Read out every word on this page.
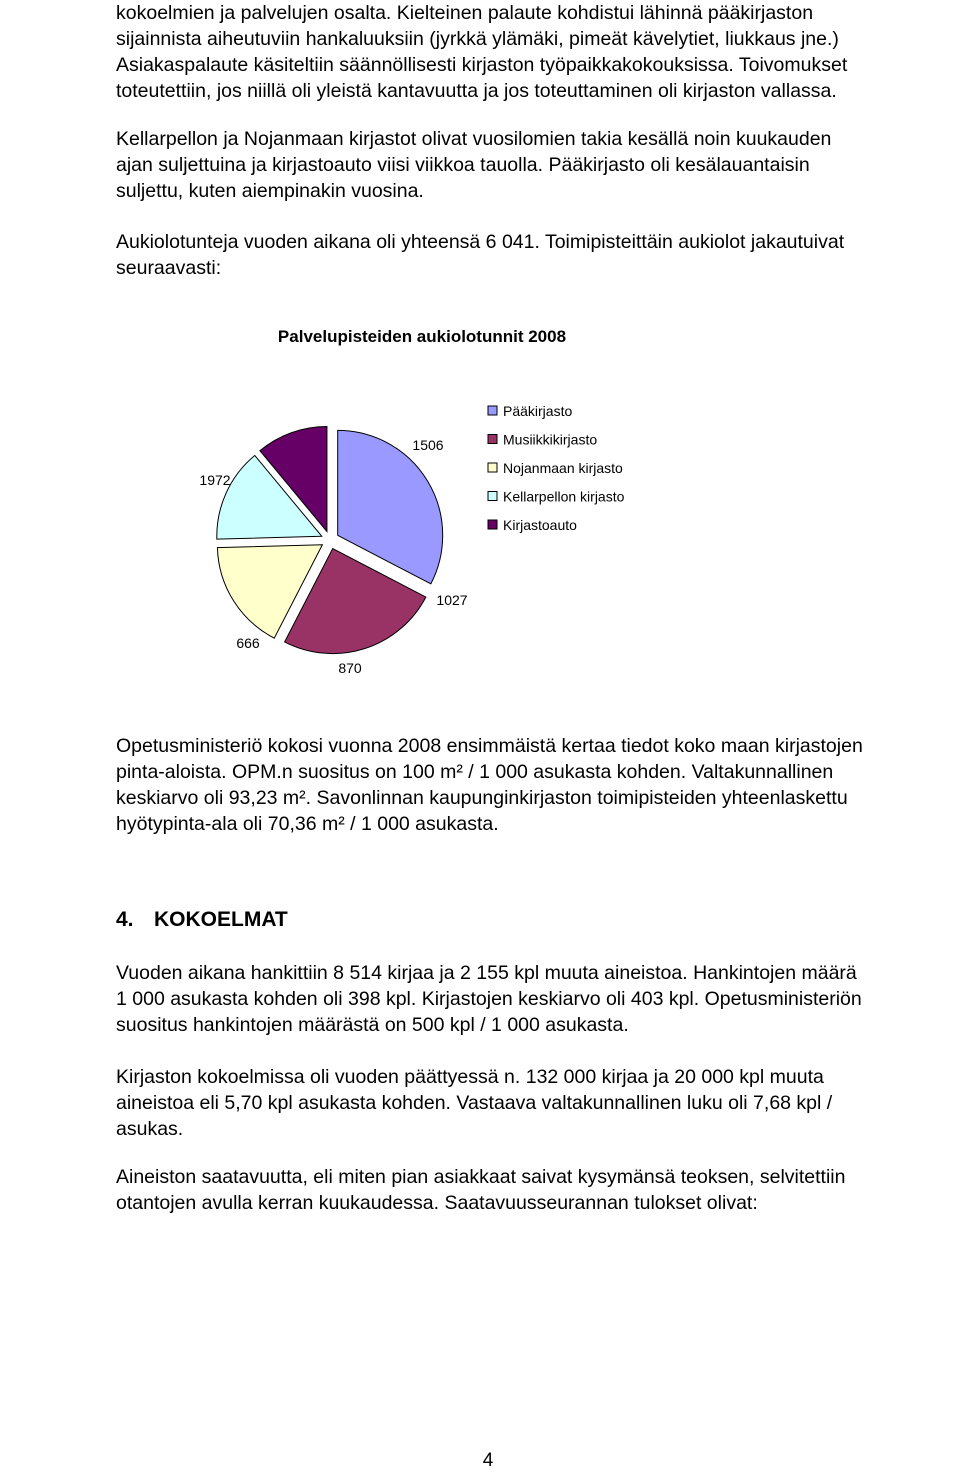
kokoelmien ja palvelujen osalta. Kielteinen palaute kohdistui lähinnä pääkirjaston
sijainnista aiheutuviin hankaluuksiin (jyrkkä ylämäki, pimeät kävelytiet, liukkaus jne.)
Asiakaspalaute käsiteltiin säännöllisesti kirjaston työpaikkakokouksissa. Toivomukset
toteutettiin, jos niillä oli yleistä kantavuutta ja jos toteuttaminen oli kirjaston vallassa.
Kellarpellon ja Nojanmaan kirjastot olivat vuosilomien takia kesällä noin kuukauden
ajan suljettuina ja kirjastoauto viisi viikkoa tauolla. Pääkirjasto oli kesälauantaisin
suljettu, kuten aiempinakin vuosina.
Aukiolotunteja vuoden aikana oli yhteensä 6 041. Toimipisteittäin aukiolot jakautuivat
seuraavasti:
Palvelupisteiden aukiolotunnit 2008
1972
1506
1027
870
666
Pääkirjasto
Musiikkikirjasto
Nojanmaan kirjasto
Kellarpellon kirjasto
Kirjastoauto
Opetusministeriö kokosi vuonna 2008 ensimmäistä kertaa tiedot koko maan kirjastojen
pinta-aloista. OPM.n suositus on 100 m² / 1 000 asukasta kohden. Valtakunnallinen
keskiarvo oli 93,23 m². Savonlinnan kaupunginkirjaston toimipisteiden yhteenlaskettu
hyötypinta-ala oli 70,36 m² / 1 000 asukasta.
4. KOKOELMAT
Vuoden aikana hankittiin 8 514 kirjaa ja 2 155 kpl muuta aineistoa. Hankintojen määrä
1 000 asukasta kohden oli 398 kpl. Kirjastojen keskiarvo oli 403 kpl. Opetusministeriön
suositus hankintojen määrästä on 500 kpl / 1 000 asukasta.
Kirjaston kokoelmissa oli vuoden päättyessä n. 132 000 kirjaa ja 20 000 kpl muuta
aineistoa eli 5,70 kpl asukasta kohden. Vastaava valtakunnallinen luku oli 7,68 kpl /
asukas.
Aineiston saatavuutta, eli miten pian asiakkaat saivat kysymänsä teoksen, selvitettiin
otantojen avulla kerran kuukaudessa. Saatavuusseurannan tulokset olivat:
4
